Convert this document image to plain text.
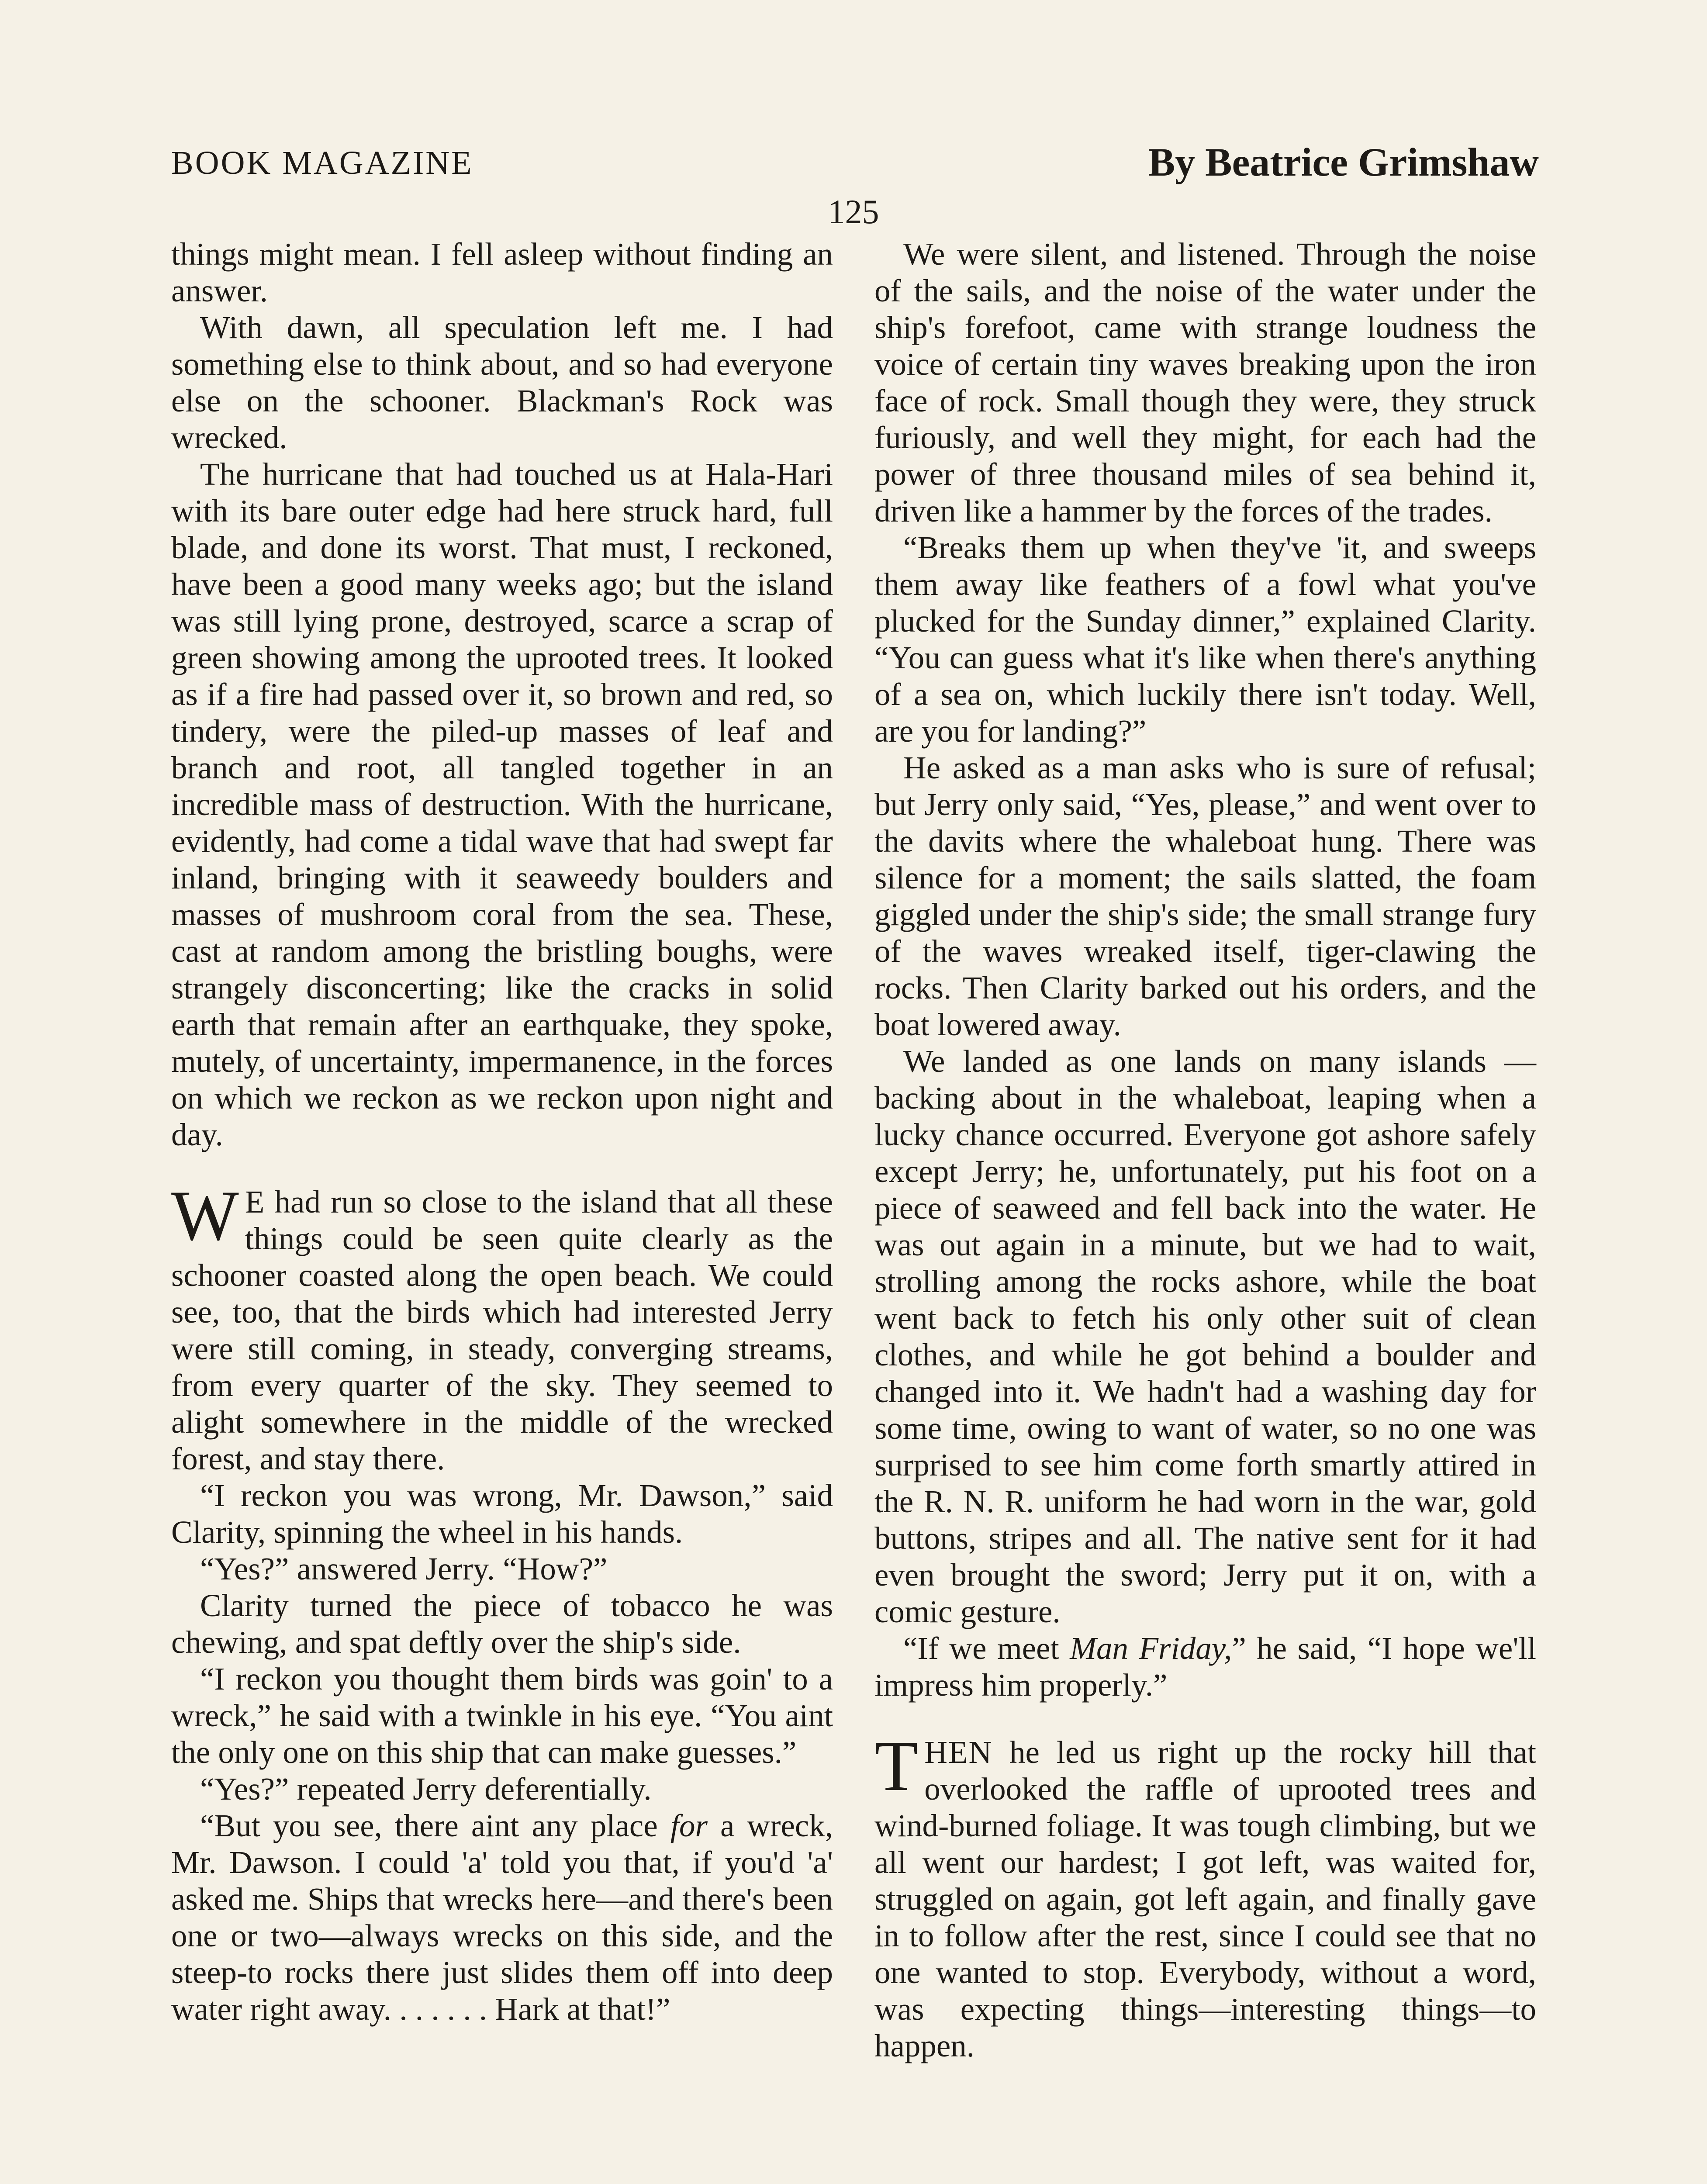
BOOK MAGAZINE	By Beatrice Grimshaw
125

things might mean. I fell asleep without finding an answer.

With dawn, all speculation left me. I had something else to think about, and so had everyone else on the schooner. Blackman's Rock was wrecked.

The hurricane that had touched us at Hala-Hari with its bare outer edge had here struck hard, full blade, and done its worst. That must, I reckoned, have been a good many weeks ago; but the island was still lying prone, destroyed, scarce a scrap of green showing among the uprooted trees. It looked as if a fire had passed over it, so brown and red, so tindery, were the piled-up masses of leaf and branch and root, all tangled together in an incredible mass of destruction. With the hurricane, evidently, had come a tidal wave that had swept far inland, bringing with it seaweedy boulders and masses of mushroom coral from the sea. These, cast at random among the bristling boughs, were strangely disconcerting; like the cracks in solid earth that remain after an earthquake, they spoke, mutely, of uncertainty, impermanence, in the forces on which we reckon as we reckon upon night and day.

W E had run so close to the island that all these things could be seen quite clearly as the schooner coasted along the open beach. We could see, too, that the birds which had interested Jerry were still coming, in steady, converging streams, from every quarter of the sky. They seemed to alight somewhere in the middle of the wrecked forest, and stay there.

“I reckon you was wrong, Mr. Dawson,” said Clarity, spinning the wheel in his hands.

“Yes?” answered Jerry. “How?”

Clarity turned the piece of tobacco he was chewing, and spat deftly over the ship's side.

“I reckon you thought them birds was goin' to a wreck,” he said with a twinkle in his eye. “You aint the only one on this ship that can make guesses.”

“Yes?” repeated Jerry deferentially.

“But you see, there aint any place for a wreck, Mr. Dawson. I could 'a' told you that, if you'd 'a' asked me. Ships that wrecks here—and there's been one or two—always wrecks on this side, and the steep-to rocks there just slides them off into deep water right away. . . . . . . Hark at that!”

We were silent, and listened. Through the noise of the sails, and the noise of the water under the ship's forefoot, came with strange loudness the voice of certain tiny waves breaking upon the iron face of rock. Small though they were, they struck furiously, and well they might, for each had the power of three thousand miles of sea behind it, driven like a hammer by the forces of the trades.

“Breaks them up when they've 'it, and sweeps them away like feathers of a fowl what you've plucked for the Sunday dinner,” explained Clarity. “You can guess what it's like when there's anything of a sea on, which luckily there isn't today. Well, are you for landing?”

He asked as a man asks who is sure of refusal; but Jerry only said, “Yes, please,” and went over to the davits where the whaleboat hung. There was silence for a moment; the sails slatted, the foam giggled under the ship's side; the small strange fury of the waves wreaked itself, tiger-clawing the rocks. Then Clarity barked out his orders, and the boat lowered away.

We landed as one lands on many islands —backing about in the whaleboat, leaping when a lucky chance occurred. Everyone got ashore safely except Jerry; he, unfortunately, put his foot on a piece of seaweed and fell back into the water. He was out again in a minute, but we had to wait, strolling among the rocks ashore, while the boat went back to fetch his only other suit of clean clothes, and while he got behind a boulder and changed into it. We hadn't had a washing day for some time, owing to want of water, so no one was surprised to see him come forth smartly attired in the R. N. R. uniform he had worn in the war, gold buttons, stripes and all. The native sent for it had even brought the sword; Jerry put it on, with a comic gesture.

“If we meet Man Friday,” he said, “I hope we'll impress him properly.”

THEN he led us right up the rocky hill that overlooked the raffle of uprooted trees and wind-burned foliage. It was tough climbing, but we all went our hardest; I got left, was waited for, struggled on again, got left again, and finally gave in to follow after the rest, since I could see that no one wanted to stop. Everybody, without a word, was expecting things—interesting things—to happen.
